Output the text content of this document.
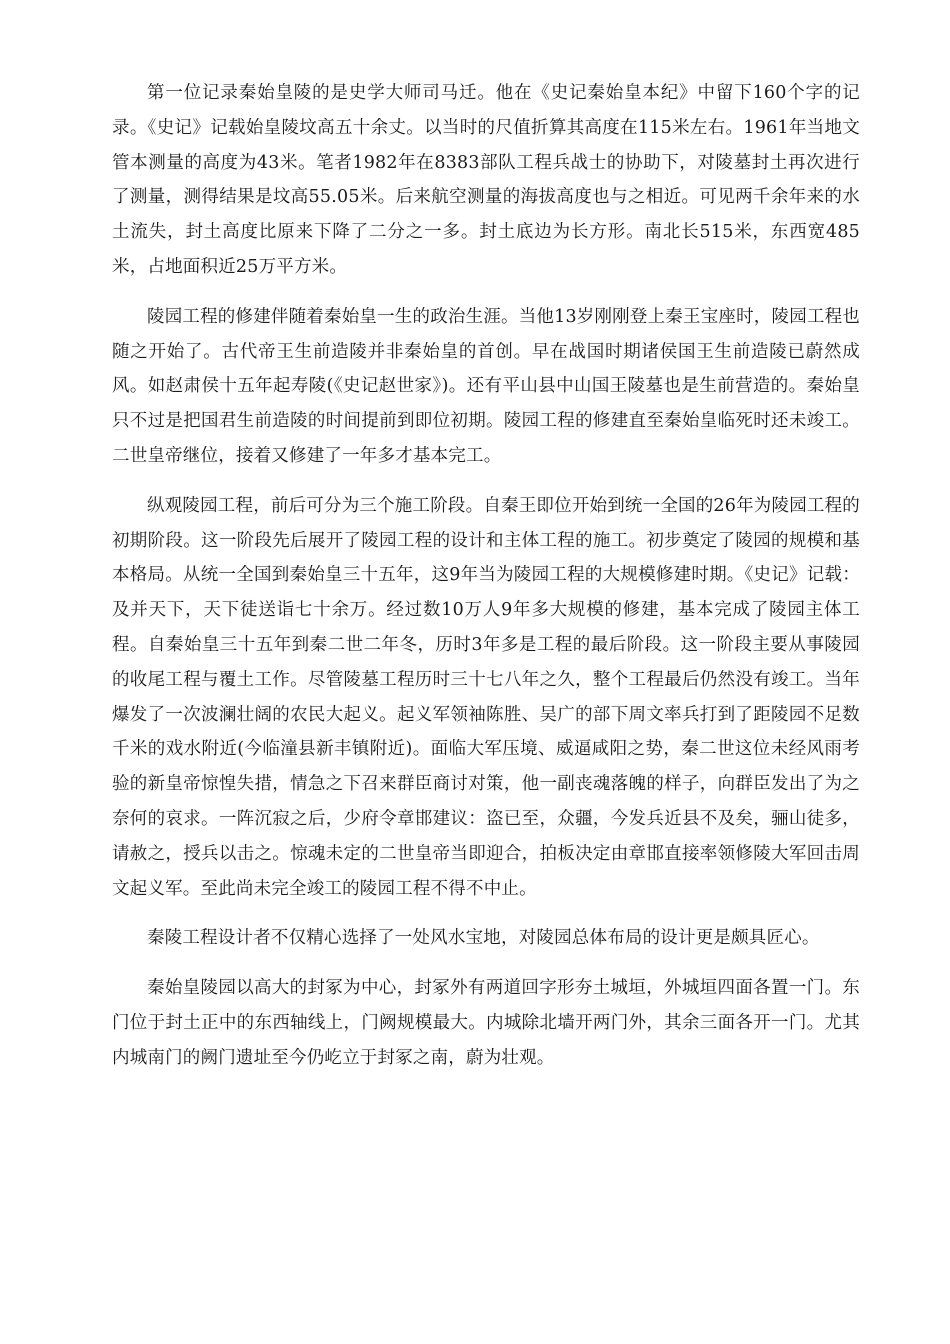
第一位记录秦始皇陵的是史学大师司马迁。他在《史记秦始皇本纪》中留下160个字的记录。《史记》记载始皇陵坟高五十余丈。以当时的尺值折算其高度在115米左右。1961年当地文管本测量的高度为43米。笔者1982年在8383部队工程兵战士的协助下，对陵墓封土再次进行了测量，测得结果是坟高55.05米。后来航空测量的海拔高度也与之相近。可见两千余年来的水土流失，封土高度比原来下降了二分之一多。封土底边为长方形。南北长515米，东西宽485米，占地面积近25万平方米。

陵园工程的修建伴随着秦始皇一生的政治生涯。当他13岁刚刚登上秦王宝座时，陵园工程也随之开始了。古代帝王生前造陵并非秦始皇的首创。早在战国时期诸侯国王生前造陵已蔚然成风。如赵肃侯十五年起寿陵(《史记赵世家》)。还有平山县中山国王陵墓也是生前营造的。秦始皇只不过是把国君生前造陵的时间提前到即位初期。陵园工程的修建直至秦始皇临死时还未竣工。二世皇帝继位，接着又修建了一年多才基本完工。

纵观陵园工程，前后可分为三个施工阶段。自秦王即位开始到统一全国的26年为陵园工程的初期阶段。这一阶段先后展开了陵园工程的设计和主体工程的施工。初步奠定了陵园的规模和基本格局。从统一全国到秦始皇三十五年，这9年当为陵园工程的大规模修建时期。《史记》记载：及并天下，天下徒送诣七十余万。经过数10万人9年多大规模的修建，基本完成了陵园主体工程。自秦始皇三十五年到秦二世二年冬，历时3年多是工程的最后阶段。这一阶段主要从事陵园的收尾工程与覆土工作。尽管陵墓工程历时三十七八年之久，整个工程最后仍然没有竣工。当年爆发了一次波澜壮阔的农民大起义。起义军领袖陈胜、吴广的部下周文率兵打到了距陵园不足数千米的戏水附近(今临潼县新丰镇附近)。面临大军压境、威逼咸阳之势，秦二世这位未经风雨考验的新皇帝惊惶失措，情急之下召来群臣商讨对策，他一副丧魂落魄的样子，向群臣发出了为之奈何的哀求。一阵沉寂之后，少府令章邯建议：盗已至，众疆，今发兵近县不及矣，骊山徒多，请赦之，授兵以击之。惊魂未定的二世皇帝当即迎合，拍板决定由章邯直接率领修陵大军回击周文起义军。至此尚未完全竣工的陵园工程不得不中止。

秦陵工程设计者不仅精心选择了一处风水宝地，对陵园总体布局的设计更是颇具匠心。

秦始皇陵园以高大的封冢为中心，封冢外有两道回字形夯土城垣，外城垣四面各置一门。东门位于封土正中的东西轴线上，门阙规模最大。内城除北墙开两门外，其余三面各开一门。尤其内城南门的阙门遗址至今仍屹立于封冢之南，蔚为壮观。
